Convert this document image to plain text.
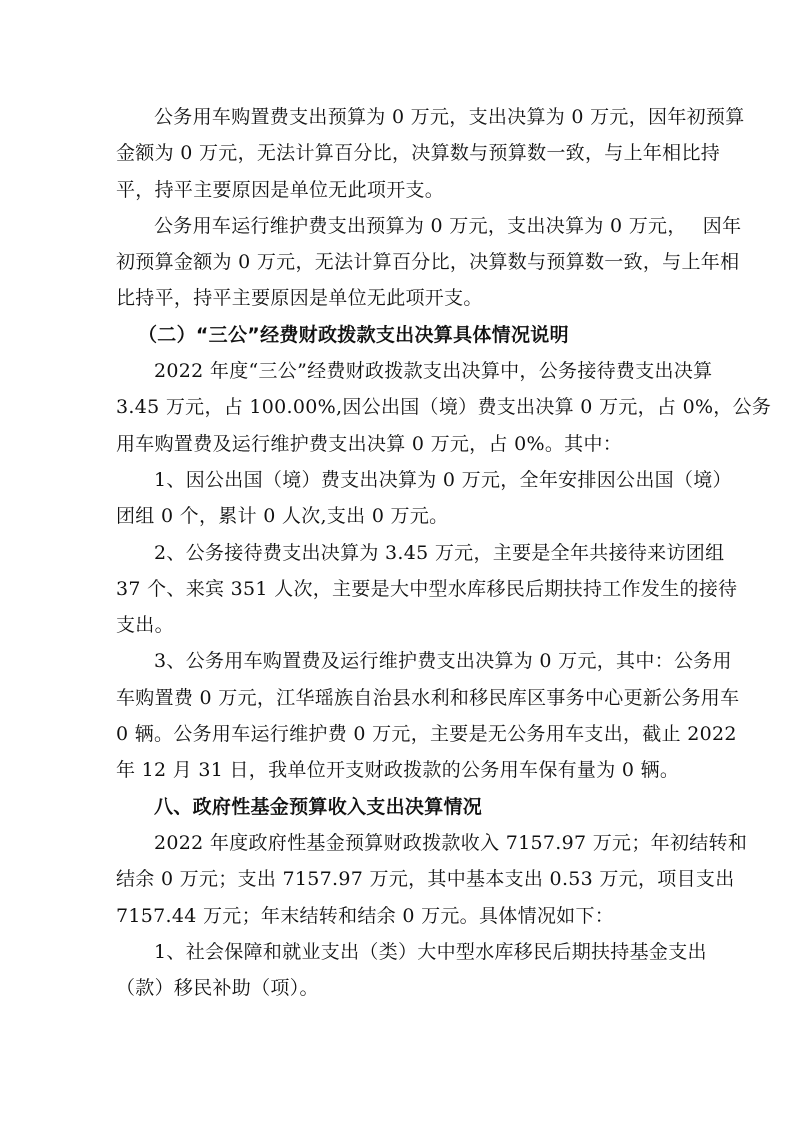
公务用车购置费支出预算为 0 万元，支出决算为 0 万元，因年初预算
金额为 0 万元，无法计算百分比，决算数与预算数一致，与上年相比持
平，持平主要原因是单位无此项开支。
公务用车运行维护费支出预算为 0 万元，支出决算为 0 万元，　 因年
初预算金额为 0 万元，无法计算百分比，决算数与预算数一致，与上年相
比持平，持平主要原因是单位无此项开支。
（二）“三公”经费财政拨款支出决算具体情况说明
2022 年度“三公”经费财政拨款支出决算中，公务接待费支出决算
3.45 万元，占 100.00%,因公出国（境）费支出决算 0 万元，占 0%，公务
用车购置费及运行维护费支出决算 0 万元，占 0%。其中：
1、因公出国（境）费支出决算为 0 万元，全年安排因公出国（境）
团组 0 个，累计 0 人次,支出 0 万元。
2、公务接待费支出决算为 3.45 万元，主要是全年共接待来访团组
37 个、来宾 351 人次，主要是大中型水库移民后期扶持工作发生的接待
支出。
3、公务用车购置费及运行维护费支出决算为 0 万元，其中：公务用
车购置费 0 万元，江华瑶族自治县水利和移民库区事务中心更新公务用车
0 辆。公务用车运行维护费 0 万元，主要是无公务用车支出，截止 2022
年 12 月 31 日，我单位开支财政拨款的公务用车保有量为 0 辆。
八、政府性基金预算收入支出决算情况
2022 年度政府性基金预算财政拨款收入 7157.97 万元；年初结转和
结余 0 万元；支出 7157.97 万元，其中基本支出 0.53 万元，项目支出
7157.44 万元；年末结转和结余 0 万元。具体情况如下：
1、社会保障和就业支出（类）大中型水库移民后期扶持基金支出
（款）移民补助（项）。
